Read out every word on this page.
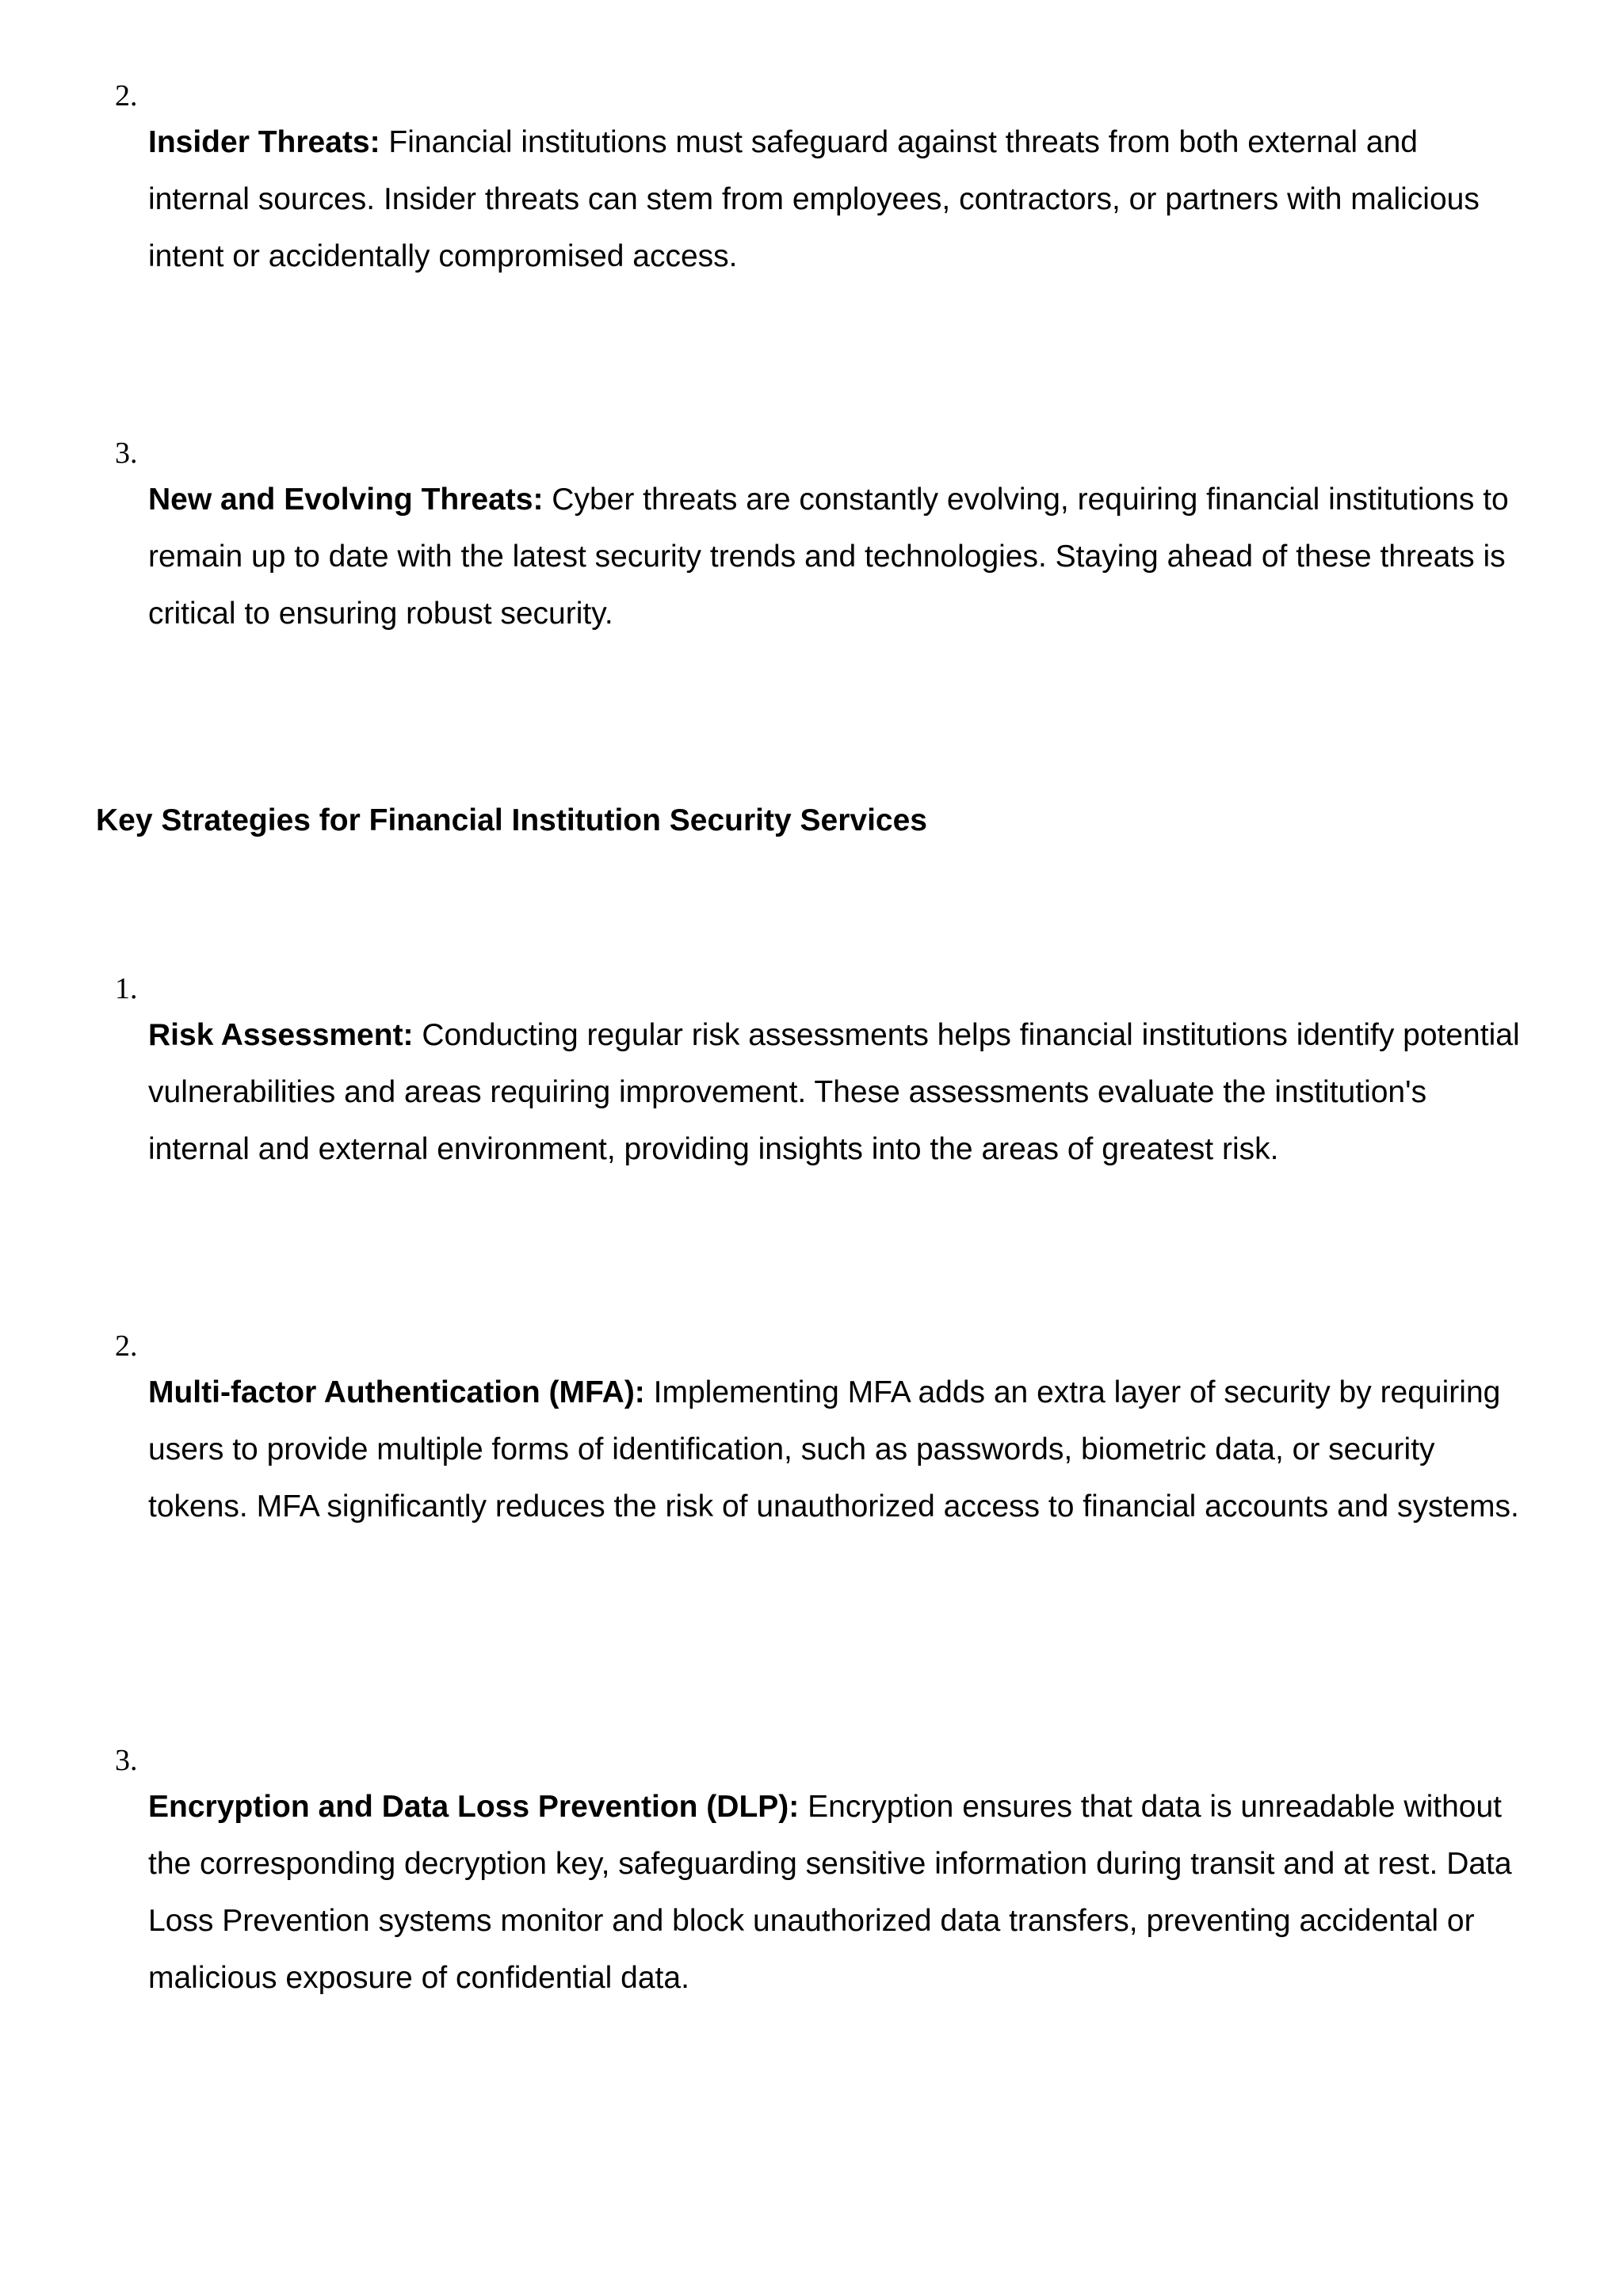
2.
Insider Threats: Financial institutions must safeguard against threats from both external and internal sources. Insider threats can stem from employees, contractors, or partners with malicious intent or accidentally compromised access.
3.
New and Evolving Threats: Cyber threats are constantly evolving, requiring financial institutions to remain up to date with the latest security trends and technologies. Staying ahead of these threats is critical to ensuring robust security.
Key Strategies for Financial Institution Security Services
1.
Risk Assessment: Conducting regular risk assessments helps financial institutions identify potential vulnerabilities and areas requiring improvement. These assessments evaluate the institution's internal and external environment, providing insights into the areas of greatest risk.
2.
Multi-factor Authentication (MFA): Implementing MFA adds an extra layer of security by requiring users to provide multiple forms of identification, such as passwords, biometric data, or security tokens. MFA significantly reduces the risk of unauthorized access to financial accounts and systems.
3.
Encryption and Data Loss Prevention (DLP): Encryption ensures that data is unreadable without the corresponding decryption key, safeguarding sensitive information during transit and at rest. Data Loss Prevention systems monitor and block unauthorized data transfers, preventing accidental or malicious exposure of confidential data.
